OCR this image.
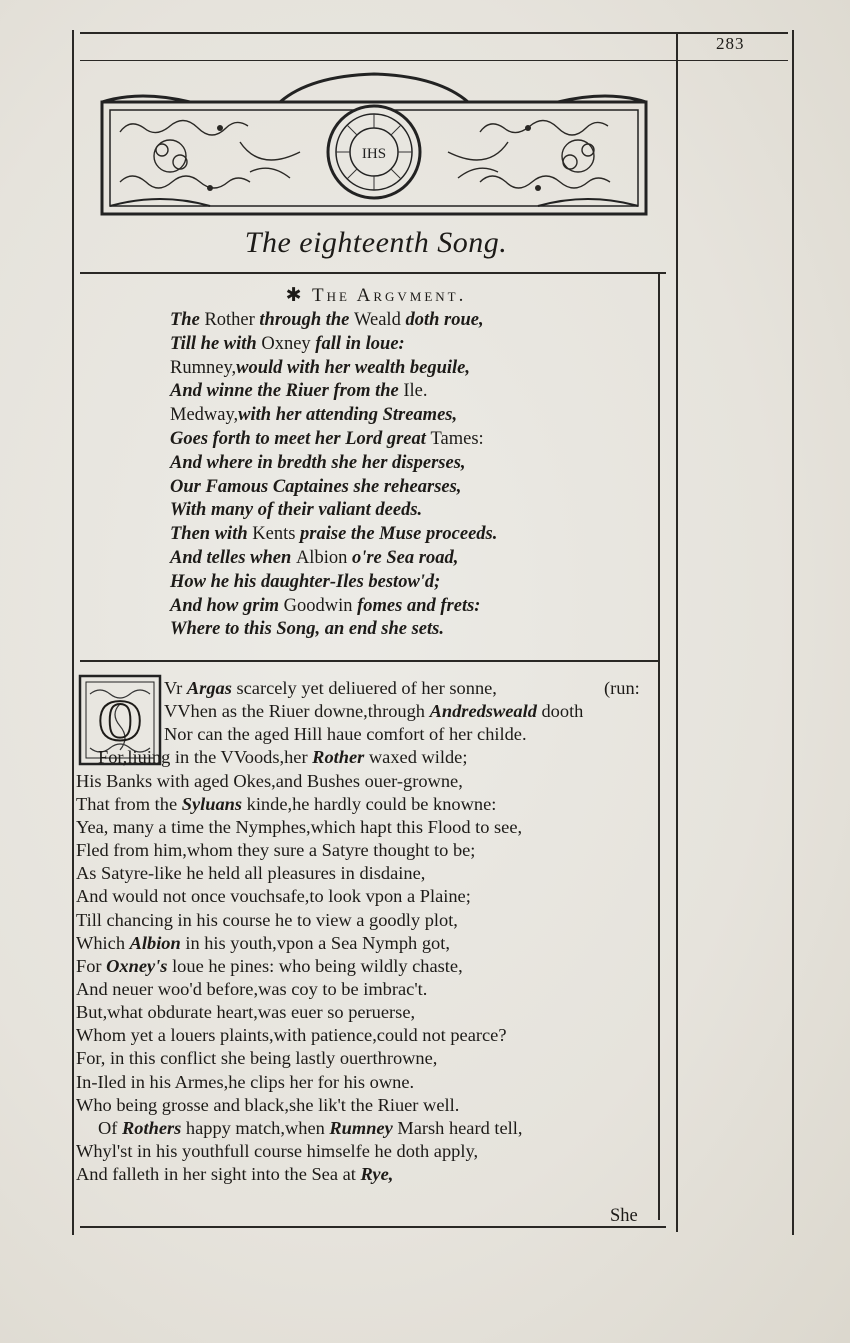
283
IHS
The eighteenth Song.
✱ The Argvment.
The Rother through the Weald doth roue,
Till he with Oxney fall in loue:
Rumney,would with her wealth beguile,
And winne the Riuer from the Ile.
Medway,with her attending Streames,
Goes forth to meet her Lord great Tames:
And where in bredth she her disperses,
Our Famous Captaines she rehearses,
With many of their valiant deeds.
Then with Kents praise the Muse proceeds.
And telles when Albion o're Sea road,
How he his daughter-Iles bestow'd;
And how grim Goodwin fomes and frets:
Where to this Song, an end she sets.
O	(run:
Vr Argas scarcely yet deliuered of her sonne,
VVhen as the Riuer downe,through Andredsweald dooth
Nor can the aged Hill haue comfort of her childe.
For,liuing in the VVoods,her Rother waxed wilde;
His Banks with aged Okes,and Bushes ouer-growne,
That from the Syluans kinde,he hardly could be knowne:
Yea, many a time the Nymphes,which hapt this Flood to see,
Fled from him,whom they sure a Satyre thought to be;
As Satyre-like he held all pleasures in disdaine,
And would not once vouchsafe,to look vpon a Plaine;
Till chancing in his course he to view a goodly plot,
Which Albion in his youth,vpon a Sea Nymph got,
For Oxney's loue he pines: who being wildly chaste,
And neuer woo'd before,was coy to be imbrac't.
But,what obdurate heart,was euer so peruerse,
Whom yet a louers plaints,with patience,could not pearce?
For, in this conflict she being lastly ouerthrowne,
In-Iled in his Armes,he clips her for his owne.
Who being grosse and black,she lik't the Riuer well.
Of Rothers happy match,when Rumney Marsh heard tell,
Whyl'st in his youthfull course himselfe he doth apply,
And falleth in her sight into the Sea at Rye,
She
